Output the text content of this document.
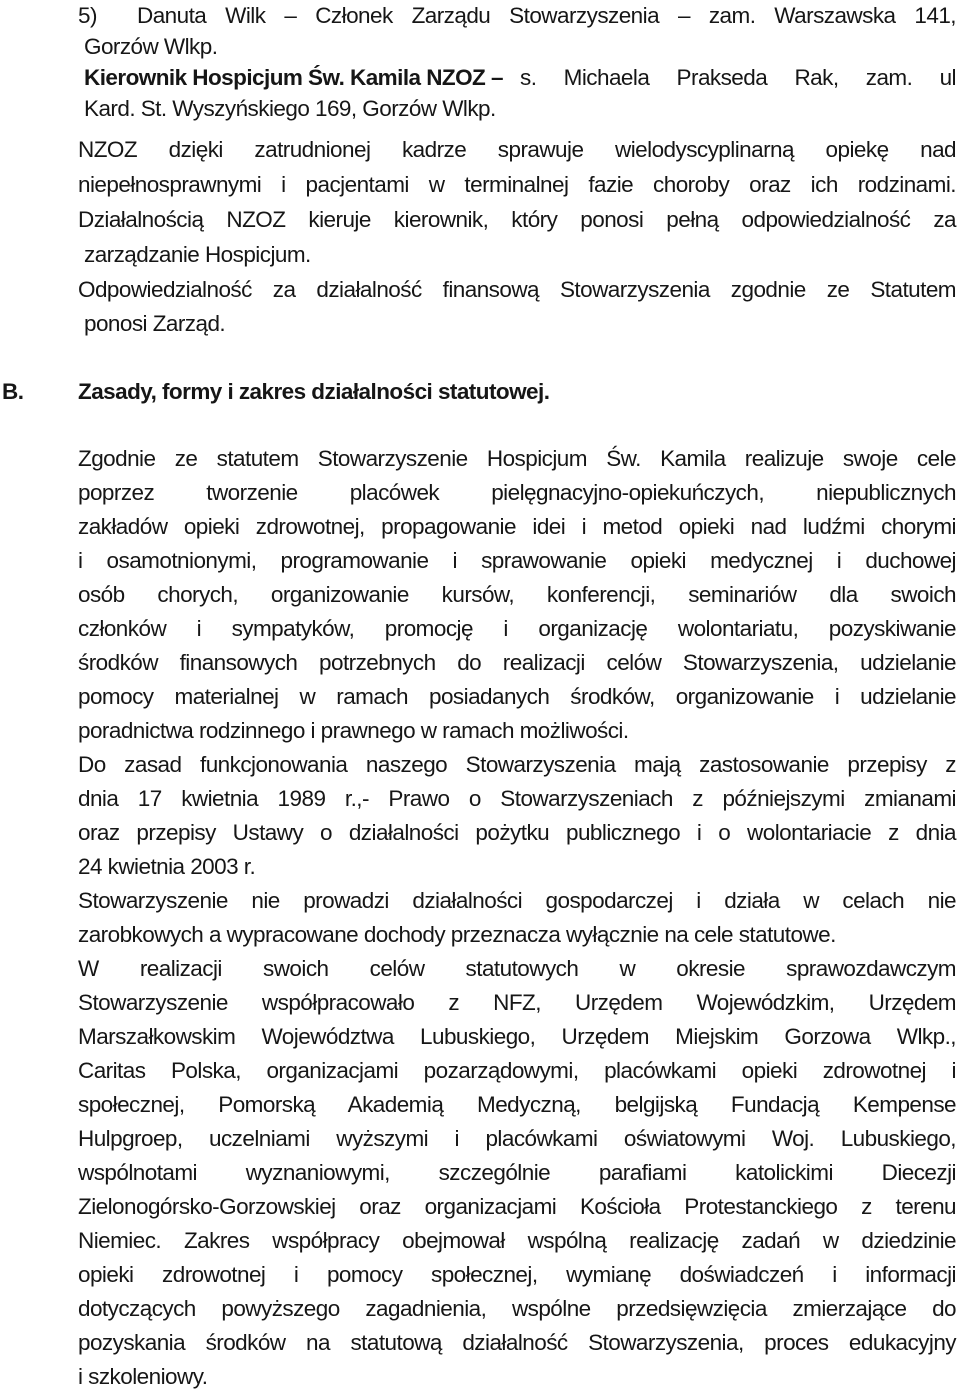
5) Danuta Wilk – Członek Zarządu Stowarzyszenia – zam. Warszawska 141,
Gorzów Wlkp.
Kierownik Hospicjum Św. Kamila NZOZ – s. Michaela Prakseda Rak, zam. ul
Kard. St. Wyszyńskiego 169, Gorzów Wlkp.
NZOZ dzięki zatrudnionej kadrze sprawuje wielodyscyplinarną opiekę nad
niepełnosprawnymi i pacjentami w terminalnej fazie choroby oraz ich rodzinami.
Działalnością NZOZ kieruje kierownik, który ponosi pełną odpowiedzialność za
zarządzanie Hospicjum.
Odpowiedzialność za działalność finansową Stowarzyszenia zgodnie ze Statutem
ponosi Zarząd.
B. Zasady, formy i zakres działalności statutowej.
Zgodnie ze statutem Stowarzyszenie Hospicjum Św. Kamila realizuje swoje cele
poprzez tworzenie placówek pielęgnacyjno-opiekuńczych, niepublicznych
zakładów opieki zdrowotnej, propagowanie idei i metod opieki nad ludźmi chorymi
i osamotnionymi, programowanie i sprawowanie opieki medycznej i duchowej
osób chorych, organizowanie kursów, konferencji, seminariów dla swoich
członków i sympatyków, promocję i organizację wolontariatu, pozyskiwanie
środków finansowych potrzebnych do realizacji celów Stowarzyszenia, udzielanie
pomocy materialnej w ramach posiadanych środków, organizowanie i udzielanie
poradnictwa rodzinnego i prawnego w ramach możliwości.
Do zasad funkcjonowania naszego Stowarzyszenia mają zastosowanie przepisy z
dnia 17 kwietnia 1989 r.,- Prawo o Stowarzyszeniach z późniejszymi zmianami
oraz przepisy Ustawy o działalności pożytku publicznego i o wolontariacie z dnia
24 kwietnia 2003 r.
Stowarzyszenie nie prowadzi działalności gospodarczej i działa w celach nie
zarobkowych a wypracowane dochody przeznacza wyłącznie na cele statutowe.
W realizacji swoich celów statutowych w okresie sprawozdawczym
Stowarzyszenie współpracowało z NFZ, Urzędem Wojewódzkim, Urzędem
Marszałkowskim Województwa Lubuskiego, Urzędem Miejskim Gorzowa Wlkp.,
Caritas Polska, organizacjami pozarządowymi, placówkami opieki zdrowotnej i
społecznej, Pomorską Akademią Medyczną, belgijską Fundacją Kempense
Hulpgroep, uczelniami wyższymi i placówkami oświatowymi Woj. Lubuskiego,
wspólnotami wyznaniowymi, szczególnie parafiami katolickimi Diecezji
Zielonogórsko-Gorzowskiej oraz organizacjami Kościoła Protestanckiego z terenu
Niemiec. Zakres współpracy obejmował wspólną realizację zadań w dziedzinie
opieki zdrowotnej i pomocy społecznej, wymianę doświadczeń i informacji
dotyczących powyższego zagadnienia, wspólne przedsięwzięcia zmierzające do
pozyskania środków na statutową działalność Stowarzyszenia, proces edukacyjny
i szkoleniowy.
